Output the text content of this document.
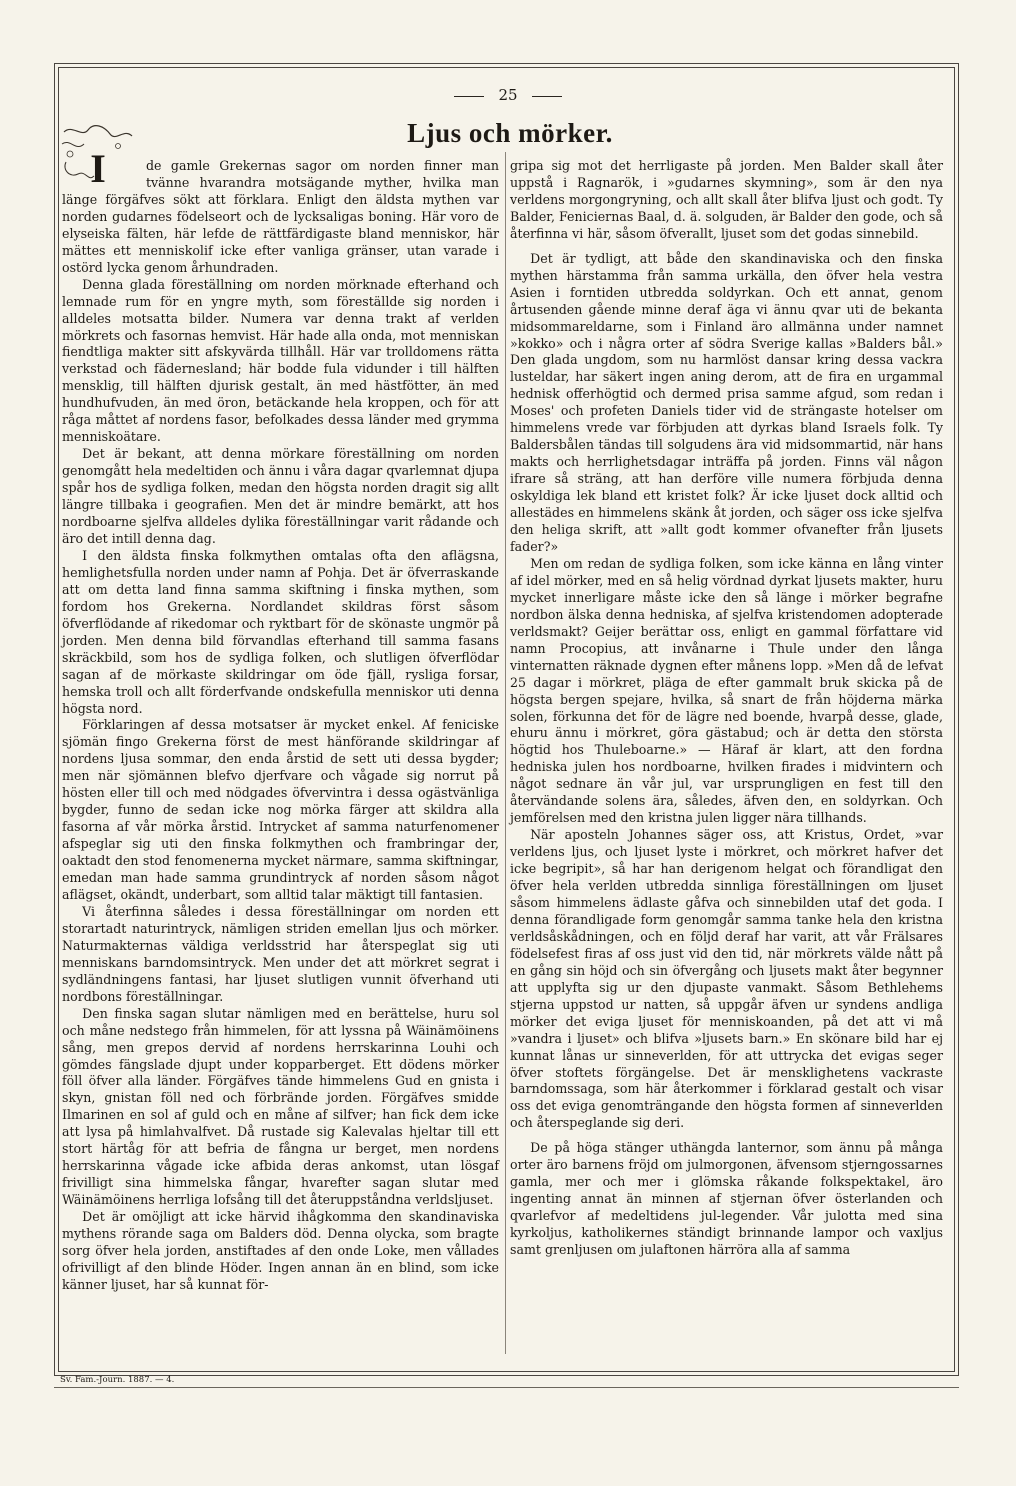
25
Ljus och mörker.
I	de gamle Grekernas sagor om norden finner man tvänne hvarandra motsägande myther, hvilka man länge förgäfves sökt att förklara. Enligt den äldsta mythen var norden gudarnes födelseort och de lycksaligas boning. Här voro de elyseiska fälten, här lefde de rättfärdigaste bland menniskor, här mättes ett menniskolif icke efter vanliga gränser, utan varade i ostörd lycka genom århundraden.

Denna glada föreställning om norden mörknade efterhand och lemnade rum för en yngre myth, som föreställde sig norden i alldeles motsatta bilder. Numera var denna trakt af verlden mörkrets och fasornas hemvist. Här hade alla onda, mot menniskan fiendtliga makter sitt afskyvärda tillhåll. Här var trolldomens rätta verkstad och fädernesland; här bodde fula vidunder i till hälften mensklig, till hälften djurisk gestalt, än med hästfötter, än med hundhufvuden, än med öron, betäckande hela kroppen, och för att råga måttet af nordens fasor, befolkades dessa länder med grymma menniskoätare.

Det är bekant, att denna mörkare föreställning om norden genomgått hela medeltiden och ännu i våra dagar qvarlemnat djupa spår hos de sydliga folken, medan den högsta norden dragit sig allt längre tillbaka i geografien. Men det är mindre bemärkt, att hos nordboarne sjelfva alldeles dylika föreställningar varit rådande och äro det intill denna dag.

I den äldsta finska folkmythen omtalas ofta den aflägsna, hemlighetsfulla norden under namn af Pohja. Det är öfverraskande att om detta land finna samma skiftning i finska mythen, som fordom hos Grekerna. Nordlandet skildras först såsom öfverflödande af rikedomar och ryktbart för de skönaste ungmör på jorden. Men denna bild förvandlas efterhand till samma fasans skräckbild, som hos de sydliga folken, och slutligen öfverflödar sagan af de mörkaste skildringar om öde fjäll, rysliga forsar, hemska troll och allt förderfvande ondskefulla menniskor uti denna högsta nord.

Förklaringen af dessa motsatser är mycket enkel. Af feniciske sjömän fingo Grekerna först de mest hänförande skildringar af nordens ljusa sommar, den enda årstid de sett uti dessa bygder; men när sjömännen blefvo djerfvare och vågade sig norrut på hösten eller till och med nödgades öfvervintra i dessa ogästvänliga bygder, funno de sedan icke nog mörka färger att skildra alla fasorna af vår mörka årstid. Intrycket af samma naturfenomener afspeglar sig uti den finska folkmythen och frambringar der, oaktadt den stod fenomenerna mycket närmare, samma skiftningar, emedan man hade samma grundintryck af norden såsom något aflägset, okändt, underbart, som alltid talar mäktigt till fantasien.

Vi återfinna således i dessa föreställningar om norden ett storartadt naturintryck, nämligen striden emellan ljus och mörker. Naturmakternas väldiga verldsstrid har återspeglat sig uti menniskans barndomsintryck. Men under det att mörkret segrat i sydländningens fantasi, har ljuset slutligen vunnit öfverhand uti nordbons föreställningar.

Den finska sagan slutar nämligen med en berättelse, huru sol och måne nedstego från himmelen, för att lyssna på Wäinämöinens sång, men grepos dervid af nordens herrskarinna Louhi och gömdes fängslade djupt under kopparberget. Ett dödens mörker föll öfver alla länder. Förgäfves tände himmelens Gud en gnista i skyn, gnistan föll ned och förbrände jorden. Förgäfves smidde Ilmarinen en sol af guld och en måne af silfver; han fick dem icke att lysa på himlahvalfvet. Då rustade sig Kalevalas hjeltar till ett stort härtåg för att befria de fångna ur berget, men nordens herrskarinna vågade icke afbida deras ankomst, utan lösgaf frivilligt sina himmelska fångar, hvarefter sagan slutar med Wäinämöinens herrliga lofsång till det återuppståndna verldsljuset.

Det är omöjligt att icke härvid ihågkomma den skandinaviska mythens rörande saga om Balders död. Denna olycka, som bragte sorg öfver hela jorden, anstiftades af den onde Loke, men vållades ofrivilligt af den blinde Höder. Ingen annan än en blind, som icke känner ljuset, har så kunnat för-

gripa sig mot det herrligaste på jorden. Men Balder skall åter uppstå i Ragnarök, i »gudarnes skymning», som är den nya verldens morgongryning, och allt skall åter blifva ljust och godt. Ty Balder, Feniciernas Baal, d. ä. solguden, är Balder den gode, och så återfinna vi här, såsom öfverallt, ljuset som det godas sinnebild.

Det är tydligt, att både den skandinaviska och den finska mythen härstamma från samma urkälla, den öfver hela vestra Asien i forntiden utbredda soldyrkan. Och ett annat, genom årtusenden gående minne deraf äga vi ännu qvar uti de bekanta midsommareldarne, som i Finland äro allmänna under namnet »kokko» och i några orter af södra Sverige kallas »Balders bål.» Den glada ungdom, som nu harmlöst dansar kring dessa vackra lusteldar, har säkert ingen aning derom, att de fira en urgammal hednisk offerhögtid och dermed prisa samme afgud, som redan i Moses' och profeten Daniels tider vid de strängaste hotelser om himmelens vrede var förbjuden att dyrkas bland Israels folk. Ty Baldersbålen tändas till solgudens ära vid midsommartid, när hans makts och herrlighetsdagar inträffa på jorden. Finns väl någon ifrare så sträng, att han derföre ville numera förbjuda denna oskyldiga lek bland ett kristet folk? Är icke ljuset dock alltid och allestädes en himmelens skänk åt jorden, och säger oss icke sjelfva den heliga skrift, att »allt godt kommer ofvanefter från ljusets fader?»

Men om redan de sydliga folken, som icke känna en lång vinter af idel mörker, med en så helig vördnad dyrkat ljusets makter, huru mycket innerligare måste icke den så länge i mörker begrafne nordbon älska denna hedniska, af sjelfva kristendomen adopterade verldsmakt? Geijer berättar oss, enligt en gammal författare vid namn Procopius, att invånarne i Thule under den långa vinternatten räknade dygnen efter månens lopp. »Men då de lefvat 25 dagar i mörkret, pläga de efter gammalt bruk skicka på de högsta bergen spejare, hvilka, så snart de från höjderna märka solen, förkunna det för de lägre ned boende, hvarpå desse, glade, ehuru ännu i mörkret, göra gästabud; och är detta den största högtid hos Thuleboarne.» — Häraf är klart, att den fordna hedniska julen hos nordboarne, hvilken firades i midvintern och något sednare än vår jul, var ursprungligen en fest till den återvändande solens ära, således, äfven den, en soldyrkan. Och jemförelsen med den kristna julen ligger nära tillhands.

När aposteln Johannes säger oss, att Kristus, Ordet, »var verldens ljus, och ljuset lyste i mörkret, och mörkret hafver det icke begripit», så har han derigenom helgat och förandligat den öfver hela verlden utbredda sinnliga föreställningen om ljuset såsom himmelens ädlaste gåfva och sinnebilden utaf det goda. I denna förandligade form genomgår samma tanke hela den kristna verldsåskådningen, och en följd deraf har varit, att vår Frälsares födelsefest firas af oss just vid den tid, när mörkrets välde nått på en gång sin höjd och sin öfvergång och ljusets makt åter begynner att upplyfta sig ur den djupaste vanmakt. Såsom Bethlehems stjerna uppstod ur natten, så uppgår äfven ur syndens andliga mörker det eviga ljuset för menniskoanden, på det att vi må »vandra i ljuset» och blifva »ljusets barn.» En skönare bild har ej kunnat lånas ur sinneverlden, för att uttrycka det evigas seger öfver stoftets förgängelse. Det är mensklighetens vackraste barndomssaga, som här återkommer i förklarad gestalt och visar oss det eviga genomträngande den högsta formen af sinneverlden och återspeglande sig deri.

De på höga stänger uthängda lanternor, som ännu på många orter äro barnens fröjd om julmorgonen, äfvensom stjerngossarnes gamla, mer och mer i glömska råkande folkspektakel, äro ingenting annat än minnen af stjernan öfver österlanden och qvarlefvor af medeltidens jul-legender. Vår julotta med sina kyrkoljus, katholikernes ständigt brinnande lampor och vaxljus samt grenljusen om julaftonen härröra alla af samma

Sv. Fam.-Journ. 1887. — 4.
